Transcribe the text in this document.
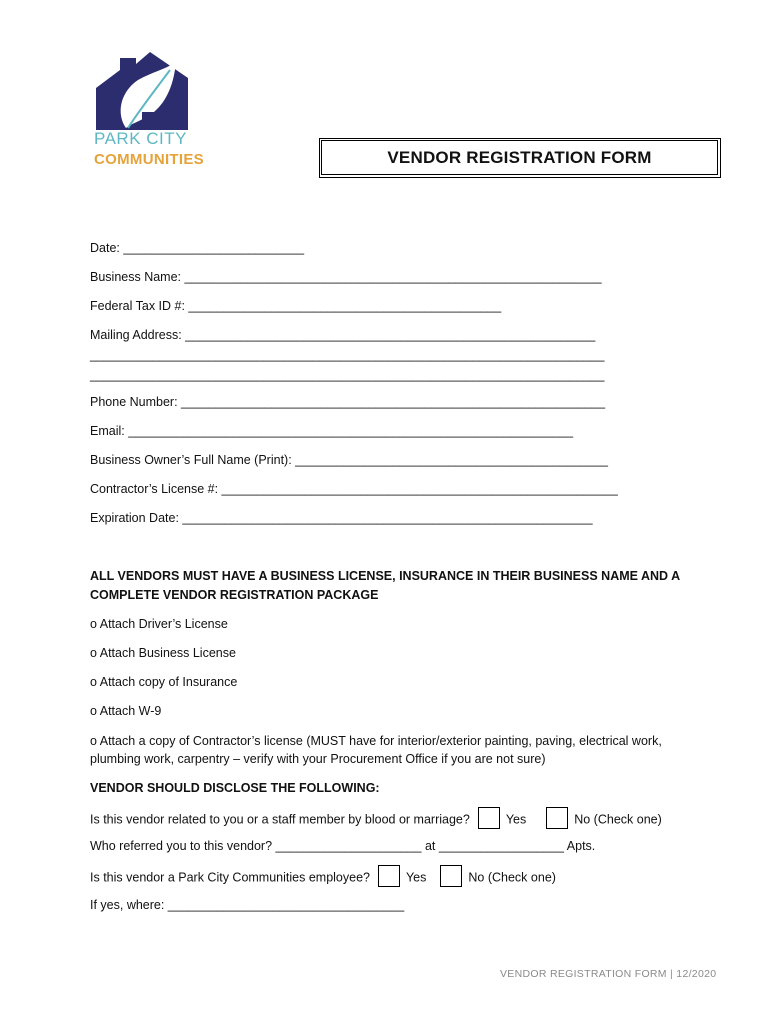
PARK CITY
COMMUNITIES	VENDOR REGISTRATION FORM
Date: __________________________
Business Name: ____________________________________________________________
Federal Tax ID #: _____________________________________________
Mailing Address: ___________________________________________________________
__________________________________________________________________________
__________________________________________________________________________
Phone Number: _____________________________________________________________
Email: ________________________________________________________________
Business Owner’s Full Name (Print): _____________________________________________
Contractor’s License #: _________________________________________________________
Expiration Date: ___________________________________________________________
ALL VENDORS MUST HAVE A BUSINESS LICENSE, INSURANCE IN THEIR BUSINESS NAME AND A
COMPLETE VENDOR REGISTRATION PACKAGE
o Attach Driver’s License
o Attach Business License
o Attach copy of Insurance
o Attach W-9
o Attach a copy of Contractor’s license (MUST have for interior/exterior painting, paving, electrical work,
plumbing work, carpentry – verify with your Procurement Office if you are not sure)
VENDOR SHOULD DISCLOSE THE FOLLOWING:
Is this vendor related to you or a staff member by blood or marriage?	Yes	No (Check one)
Who referred you to this vendor? _____________________ at __________________ Apts.
Is this vendor a Park City Communities employee?	Yes	No (Check one)
If yes, where: __________________________________
VENDOR REGISTRATION FORM | 12/2020
